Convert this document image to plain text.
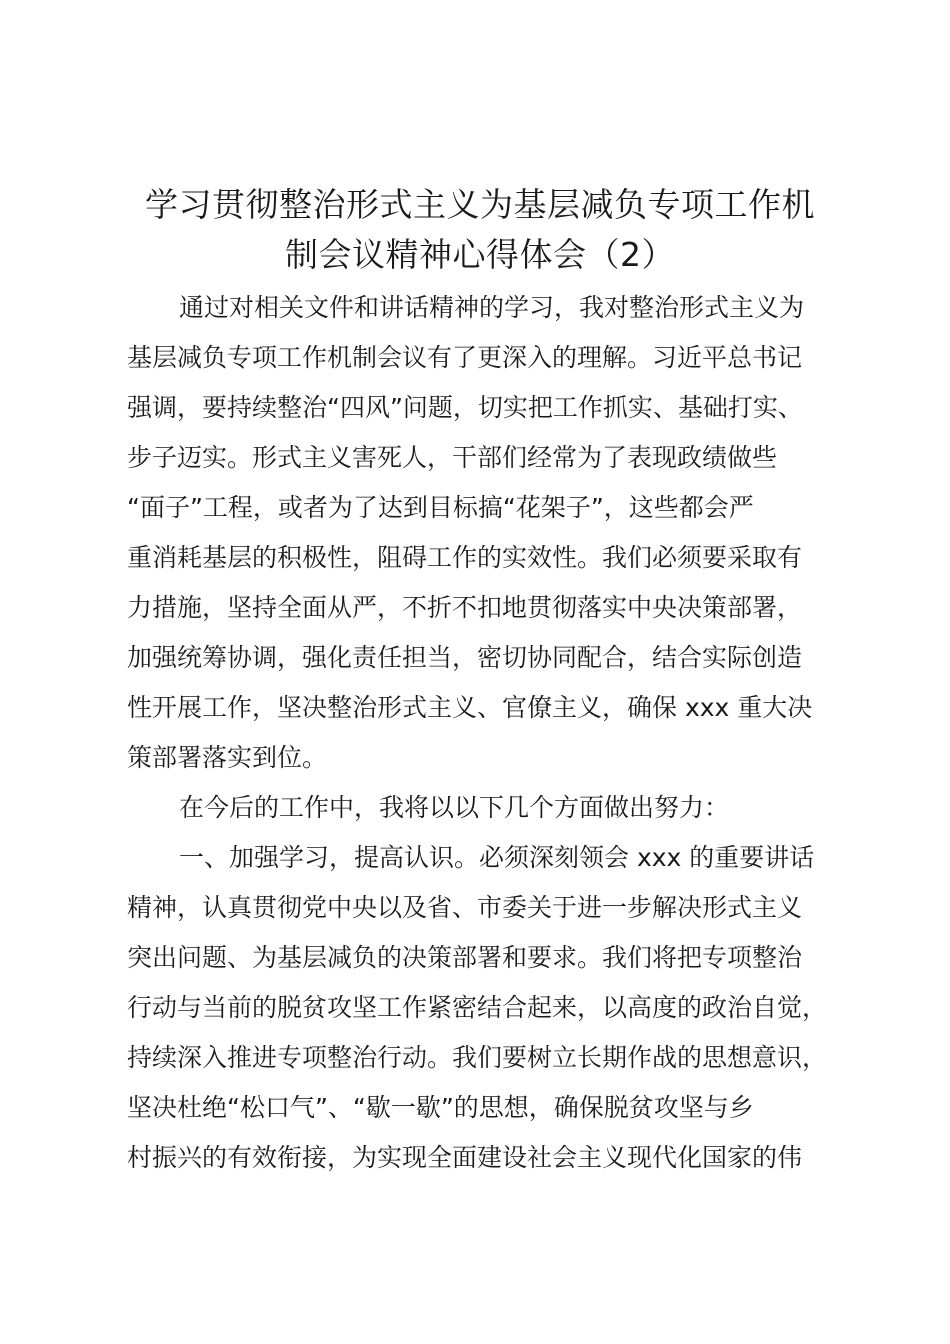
学习贯彻整治形式主义为基层减负专项工作机
制会议精神心得体会（2）

通过对相关文件和讲话精神的学习，我对整治形式主义为
基层减负专项工作机制会议有了更深入的理解。习近平总书记
强调，要持续整治“四风”问题，切实把工作抓实、基础打实、
步子迈实。形式主义害死人，干部们经常为了表现政绩做些
“面子”工程，或者为了达到目标搞“花架子”，这些都会严
重消耗基层的积极性，阻碍工作的实效性。我们必须要采取有
力措施，坚持全面从严，不折不扣地贯彻落实中央决策部署，
加强统筹协调，强化责任担当，密切协同配合，结合实际创造
性开展工作，坚决整治形式主义、官僚主义，确保 xxx 重大决
策部署落实到位。

在今后的工作中，我将以以下几个方面做出努力：

一、加强学习，提高认识。必须深刻领会 xxx 的重要讲话
精神，认真贯彻党中央以及省、市委关于进一步解决形式主义
突出问题、为基层减负的决策部署和要求。我们将把专项整治
行动与当前的脱贫攻坚工作紧密结合起来，以高度的政治自觉，
持续深入推进专项整治行动。我们要树立长期作战的思想意识，
坚决杜绝“松口气”、“歇一歇”的思想，确保脱贫攻坚与乡
村振兴的有效衔接，为实现全面建设社会主义现代化国家的伟
